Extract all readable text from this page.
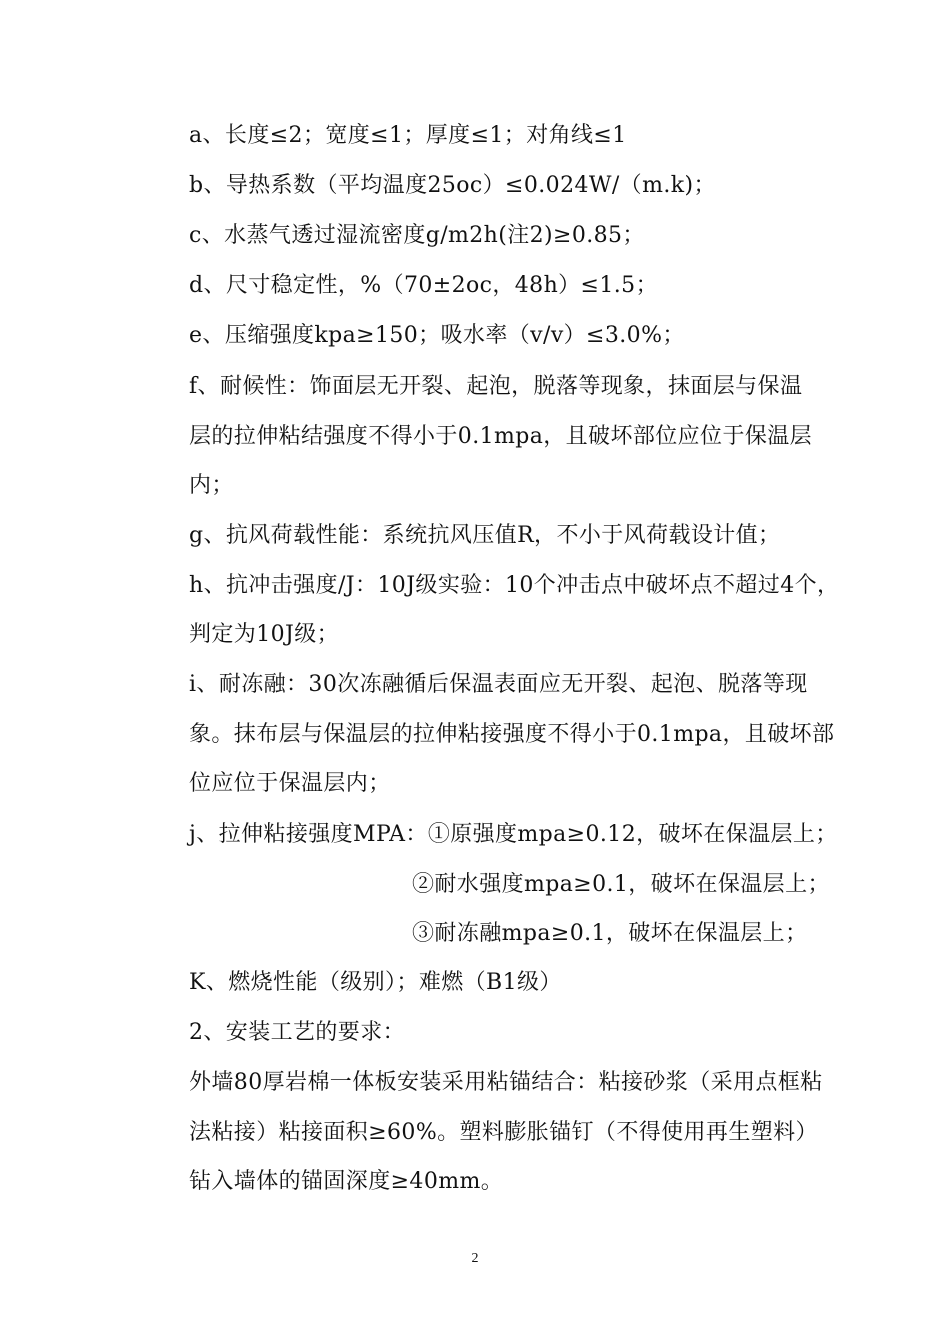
a、长度≤2；宽度≤1；厚度≤1；对角线≤1
b、导热系数（平均温度25oc）≤0.024W/（m.k)；
c、水蒸气透过湿流密度g/m2h(注2)≥0.85；
d、尺寸稳定性，%（70±2oc，48h）≤1.5；
e、压缩强度kpa≥150；吸水率（v/v）≤3.0%；
f、耐候性：饰面层无开裂、起泡，脱落等现象，抹面层与保温
层的拉伸粘结强度不得小于0.1mpa，且破坏部位应位于保温层
内；
g、抗风荷载性能：系统抗风压值R，不小于风荷载设计值；
h、抗冲击强度/J：10J级实验：10个冲击点中破坏点不超过4个，
判定为10J级；
i、耐冻融：30次冻融循后保温表面应无开裂、起泡、脱落等现
象。抹布层与保温层的拉伸粘接强度不得小于0.1mpa，且破坏部
位应位于保温层内；
j、拉伸粘接强度MPA：①原强度mpa≥0.12，破坏在保温层上；
②耐水强度mpa≥0.1，破坏在保温层上；
③耐冻融mpa≥0.1，破坏在保温层上；
K、燃烧性能（级别）；难燃（B1级）
2、安装工艺的要求：
外墙80厚岩棉一体板安装采用粘锚结合：粘接砂浆（采用点框粘
法粘接）粘接面积≥60%。塑料膨胀锚钉（不得使用再生塑料）
钻入墙体的锚固深度≥40mm。
2
